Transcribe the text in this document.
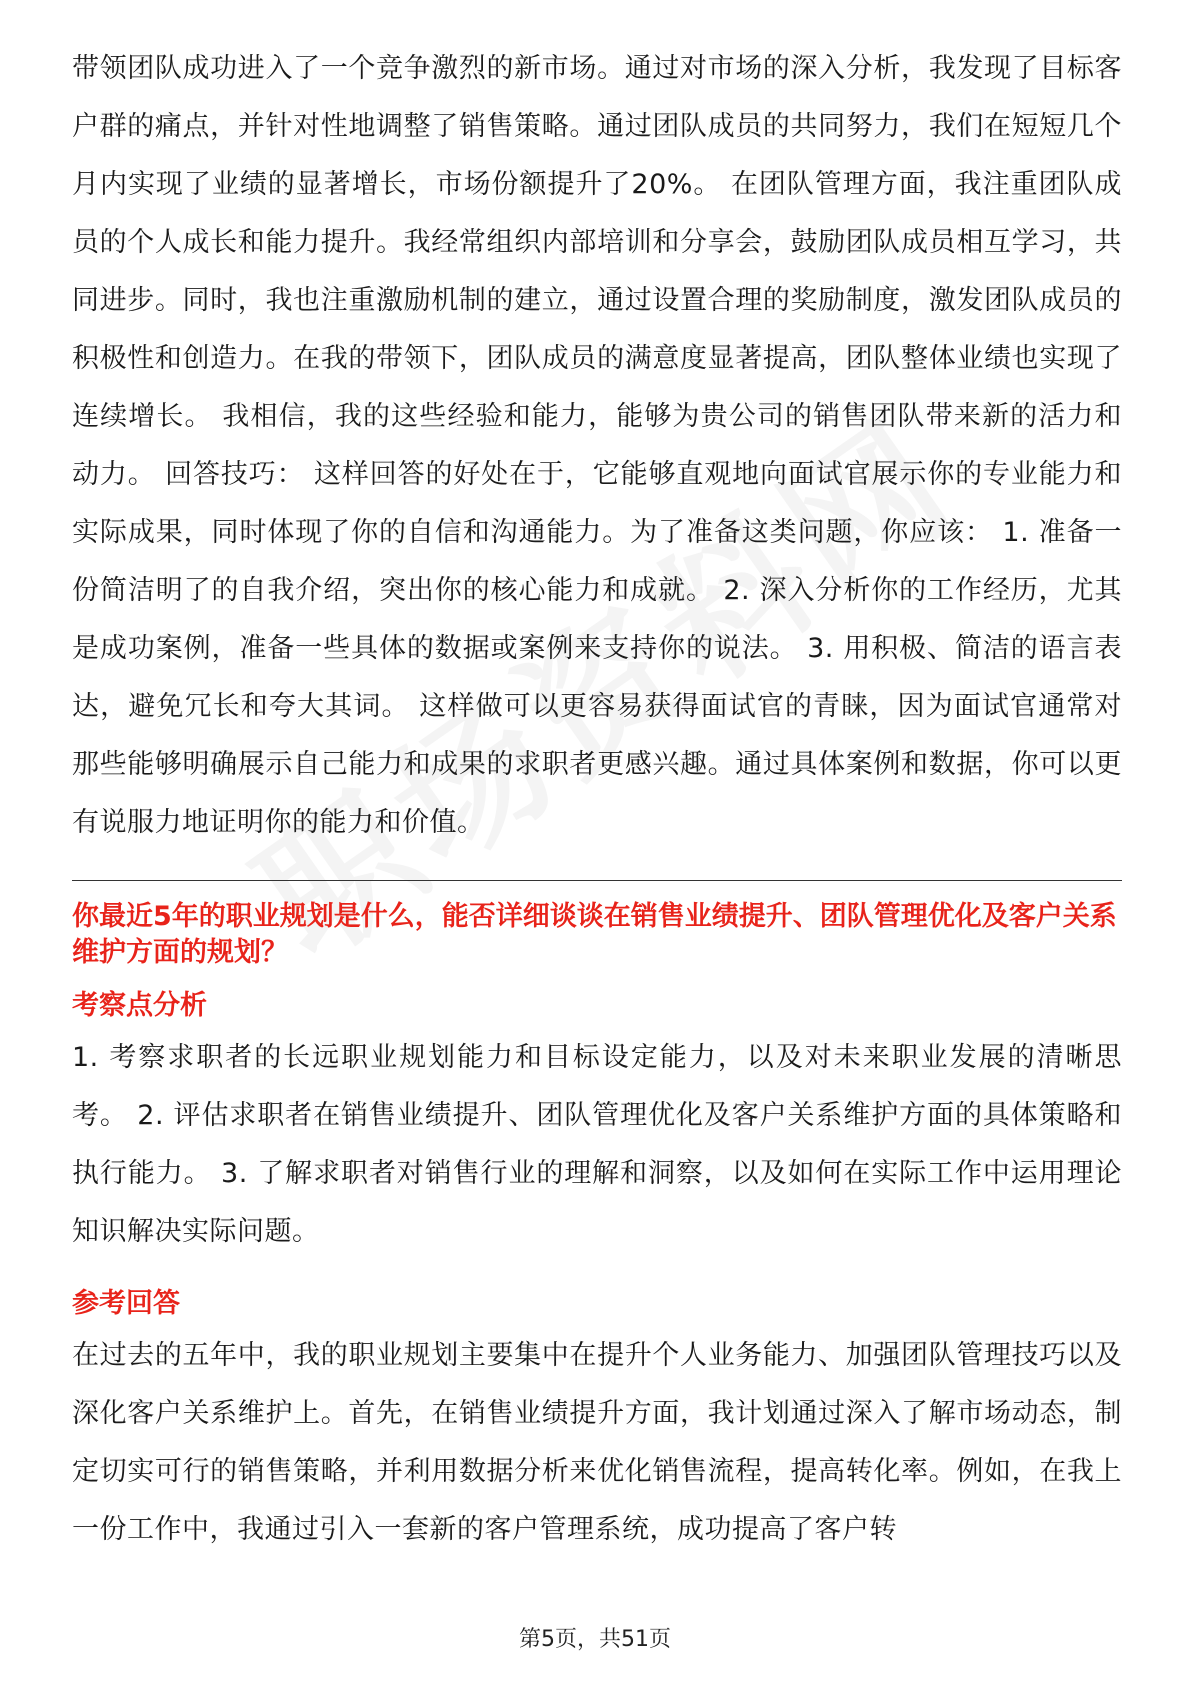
带领团队成功进入了一个竞争激烈的新市场。通过对市场的深入分析，我发现了目标客户群的痛点，并针对性地调整了销售策略。通过团队成员的共同努力，我们在短短几个月内实现了业绩的显著增长，市场份额提升了20%。 在团队管理方面，我注重团队成员的个人成长和能力提升。我经常组织内部培训和分享会，鼓励团队成员相互学习，共同进步。同时，我也注重激励机制的建立，通过设置合理的奖励制度，激发团队成员的积极性和创造力。在我的带领下，团队成员的满意度显著提高，团队整体业绩也实现了连续增长。 我相信，我的这些经验和能力，能够为贵公司的销售团队带来新的活力和动力。 回答技巧： 这样回答的好处在于，它能够直观地向面试官展示你的专业能力和实际成果，同时体现了你的自信和沟通能力。为了准备这类问题，你应该： 1. 准备一份简洁明了的自我介绍，突出你的核心能力和成就。 2. 深入分析你的工作经历，尤其是成功案例，准备一些具体的数据或案例来支持你的说法。 3. 用积极、简洁的语言表达，避免冗长和夸大其词。 这样做可以更容易获得面试官的青睐，因为面试官通常对那些能够明确展示自己能力和成果的求职者更感兴趣。通过具体案例和数据，你可以更有说服力地证明你的能力和价值。

你最近5年的职业规划是什么，能否详细谈谈在销售业绩提升、团队管理优化及客户关系维护方面的规划？

考察点分析

1. 考察求职者的长远职业规划能力和目标设定能力，以及对未来职业发展的清晰思考。 2. 评估求职者在销售业绩提升、团队管理优化及客户关系维护方面的具体策略和执行能力。 3. 了解求职者对销售行业的理解和洞察，以及如何在实际工作中运用理论知识解决实际问题。

参考回答

在过去的五年中，我的职业规划主要集中在提升个人业务能力、加强团队管理技巧以及深化客户关系维护上。首先，在销售业绩提升方面，我计划通过深入了解市场动态，制定切实可行的销售策略，并利用数据分析来优化销售流程，提高转化率。例如，在我上一份工作中，我通过引入一套新的客户管理系统，成功提高了客户转

第5页，共51页
